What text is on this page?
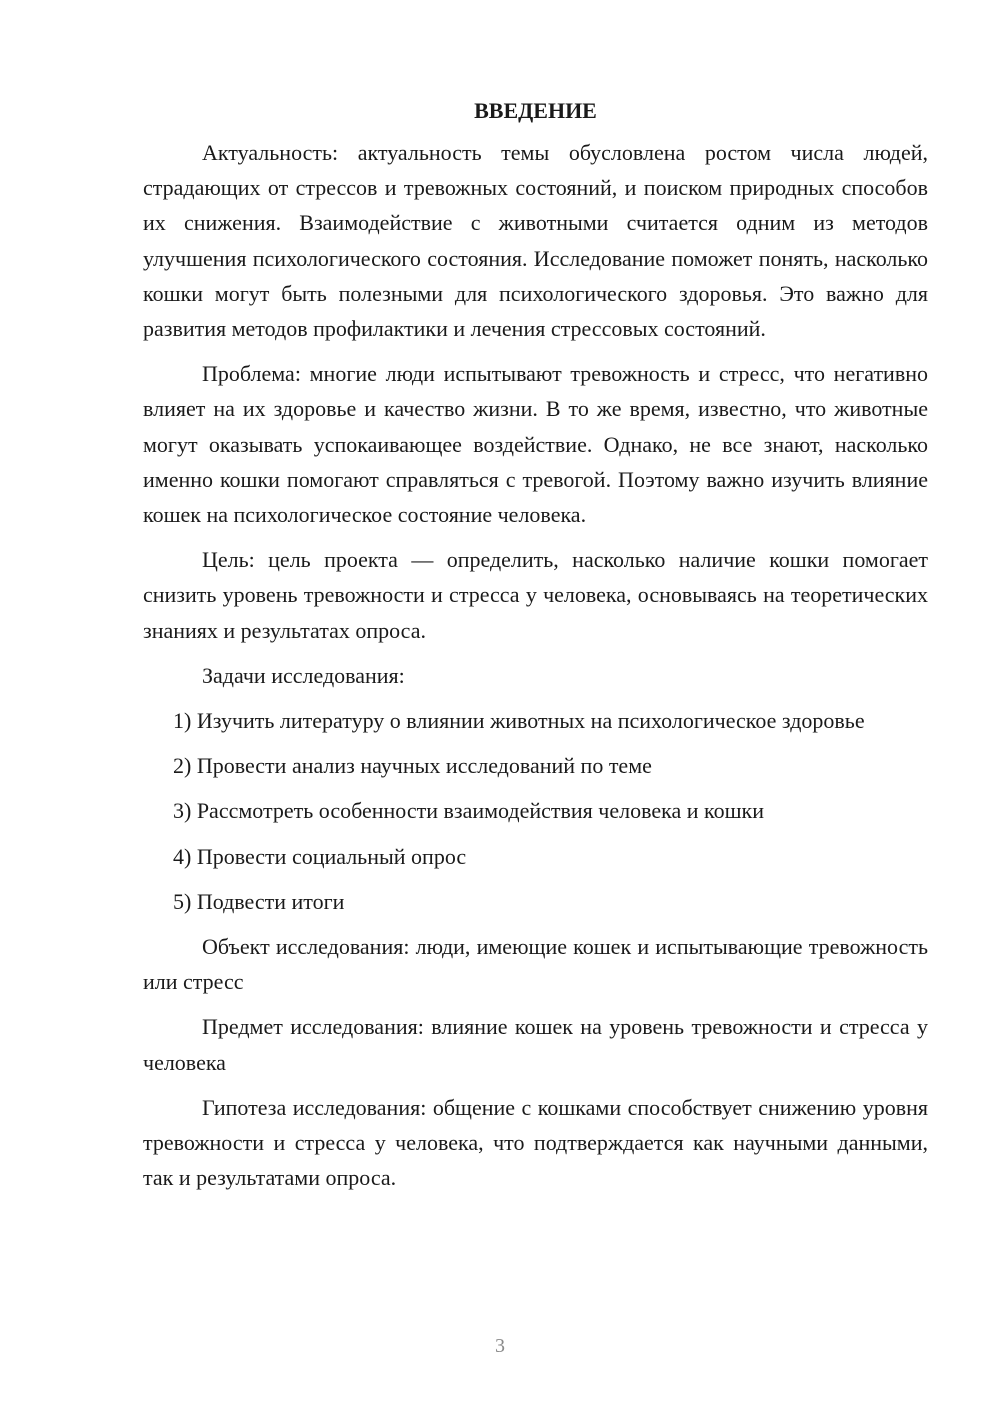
ВВЕДЕНИЕ

Актуальность: актуальность темы обусловлена ростом числа людей, страдающих от стрессов и тревожных состояний, и поиском природных способов их снижения. Взаимодействие с животными считается одним из методов улучшения психологического состояния. Исследование поможет понять, насколько кошки могут быть полезными для психологического здоровья. Это важно для развития методов профилактики и лечения стрессовых состояний.

Проблема: многие люди испытывают тревожность и стресс, что негативно влияет на их здоровье и качество жизни. В то же время, известно, что животные могут оказывать успокаивающее воздействие. Однако, не все знают, насколько именно кошки помогают справляться с тревогой. Поэтому важно изучить влияние кошек на психологическое состояние человека.

Цель: цель проекта — определить, насколько наличие кошки помогает снизить уровень тревожности и стресса у человека, основываясь на теоретических знаниях и результатах опроса.

Задачи исследования:

1) Изучить литературу о влиянии животных на психологическое здоровье

2) Провести анализ научных исследований по теме

3) Рассмотреть особенности взаимодействия человека и кошки

4) Провести социальный опрос

5) Подвести итоги

Объект исследования: люди, имеющие кошек и испытывающие тревожность или стресс

Предмет исследования: влияние кошек на уровень тревожности и стресса у человека

Гипотеза исследования: общение с кошками способствует снижению уровня тревожности и стресса у человека, что подтверждается как научными данными, так и результатами опроса.

3
